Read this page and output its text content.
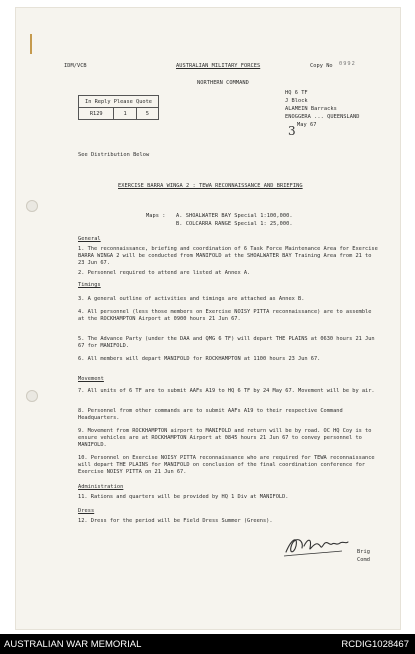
IDM/VCB	AUSTRALIAN MILITARY FORCES	Copy No 0992
NORTHERN COMMAND
HQ 6 TF
J Block
ALAMEIN Barracks
ENOGGERA ... QUEENSLAND
3 May 67
In Reply Please Quote
R129	1	5
See Distribution Below
EXERCISE BARRA WINGA 2 : TEWA RECONNAISSANCE AND BRIEFING
Maps : A. SHOALWATER BAY Special 1:100,000.
B. COLCARRA RANGE Special 1: 25,000.
General
1. The reconnaissance, briefing and coordination of 6 Task Force Maintenance Area for Exercise BARRA WINGA 2 will be conducted from MANIFOLD at the SHOALWATER BAY Training Area from 21 to 23 Jun 67.
2. Personnel required to attend are listed at Annex A.
Timings
3. A general outline of activities and timings are attached as Annex B.
4. All personnel (less those members on Exercise NOISY PITTA reconnaissance) are to assemble at the ROCKHAMPTON Airport at 0900 hours 21 Jun 67.
5. The Advance Party (under the DAA and QMG 6 TF) will depart THE PLAINS at 0630 hours 21 Jun 67 for MANIFOLD.
6. All members will depart MANIFOLD for ROCKHAMPTON at 1100 hours 23 Jun 67.
Movement
7. All units of 6 TF are to submit AAFs A19 to HQ 6 TF by 24 May 67. Movement will be by air.
8. Personnel from other commands are to submit AAFs A19 to their respective Command Headquarters.
9. Movement from ROCKHAMPTON airport to MANIFOLD and return will be by road. OC HQ Coy is to ensure vehicles are at ROCKHAMPTON Airport at 0845 hours 21 Jun 67 to convey personnel to MANIFOLD.
10. Personnel on Exercise NOISY PITTA reconnaissance who are required for TEWA reconnaissance will depart THE PLAINS for MANIFOLD on conclusion of the final coordination conference for Exercise NOISY PITTA on 21 Jun 67.
Administration
11. Rations and quarters will be provided by HQ 1 Div at MANIFOLD.
Dress
12. Dress for the period will be Field Dress Summer (Greens).
Brig
Comd
AUSTRALIAN WAR MEMORIAL	RCDIG1028467
